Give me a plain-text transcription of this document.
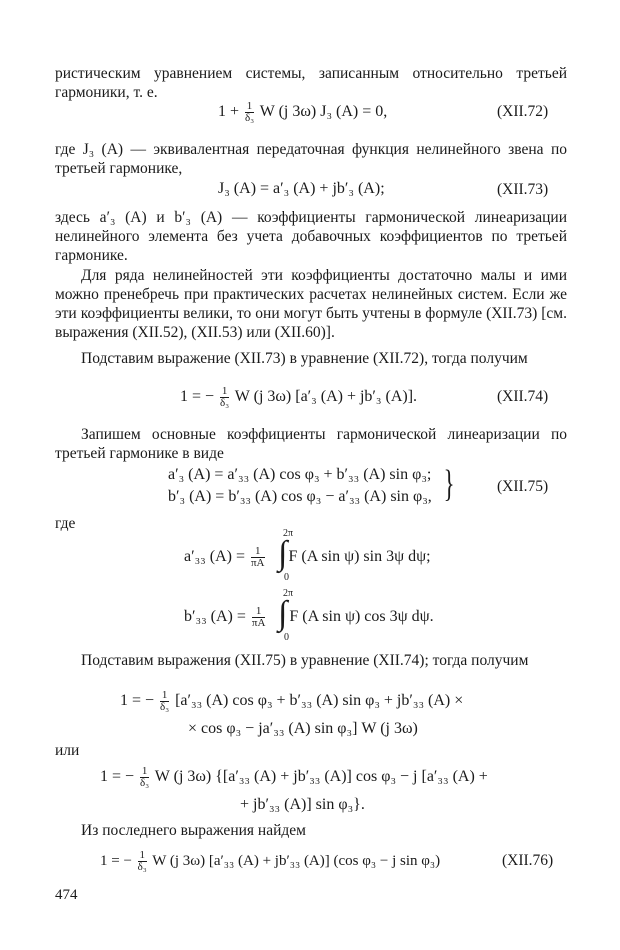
ристическим уравнением системы, записанным относительно третьей гармоники, т. е.

$1 + \frac{1}{\text{δ₃}}$ W (j 3ω) J₃ (A) = 0,	(XII.72)

где J₃ (A) — эквивалентная передаточная функция нелинейного звена по третьей гармонике,

J₃ (A) = a′₃ (A) + jb′₃ (A);	(XII.73)

здесь a′₃ (A) и b′₃ (A) — коэффициенты гармонической линеаризации нелинейного элемента без учета добавочных коэффициентов по третьей гармонике.

Для ряда нелинейностей эти коэффициенты достаточно малы и ими можно пренебречь при практических расчетах нелинейных систем. Если же эти коэффициенты велики, то они могут быть учтены в формуле (XII.73) [см. выражения (XII.52), (XII.53) или (XII.60)].

Подставим выражение (XII.73) в уравнение (XII.72), тогда получим

1 = − $\frac{1}{\text{δ₃}}$ W (j 3ω) [a′₃ (A) + jb′₃ (A)].	(XII.74)

Запишем основные коэффициенты гармонической линеаризации по третьей гармонике в виде

a′₃ (A) = a′₃₃ (A) cos φ₃ + b′₃₃ (A) sin φ₃;
b′₃ (A) = b′₃₃ (A) cos φ₃ − a′₃₃ (A) sin φ₃, }	(XII.75)

где

a′₃₃ $(A) = \frac{1}{\pi A}$ F (A sin ψ) sin 3ψ dψ;
2π
∫
0
b′₃₃ $(A) = \frac{1}{\pi A}$ F (A sin ψ) cos 3ψ dψ.
2π
∫
0

Подставим выражения (XII.75) в уравнение (XII.74); тогда получим

1 = − $\frac{1}{\text{δ₃}} [a'_{33}$ (A) cos φ₃ + b′₃₃ (A) sin φ₃ + jb′₃₃ (A) ×
× cos φ₃ − ja′₃₃ (A) sin φ₃] W (j 3ω)

или

1 = − $\frac{1}{\text{δ₃}}$ W (j 3ω) {[a′₃₃ (A) + jb′₃₃ (A)] cos φ₃ − j [a′₃₃ (A) +
+ jb′₃₃ (A)] sin φ₃}.

Из последнего выражения найдем

1 = − $\frac{1}{\text{δ₃}}$ W (j 3ω) [a′₃₃ (A) + jb′₃₃ (A)] (cos φ₃ − j sin φ₃)	(XII.76)
474
